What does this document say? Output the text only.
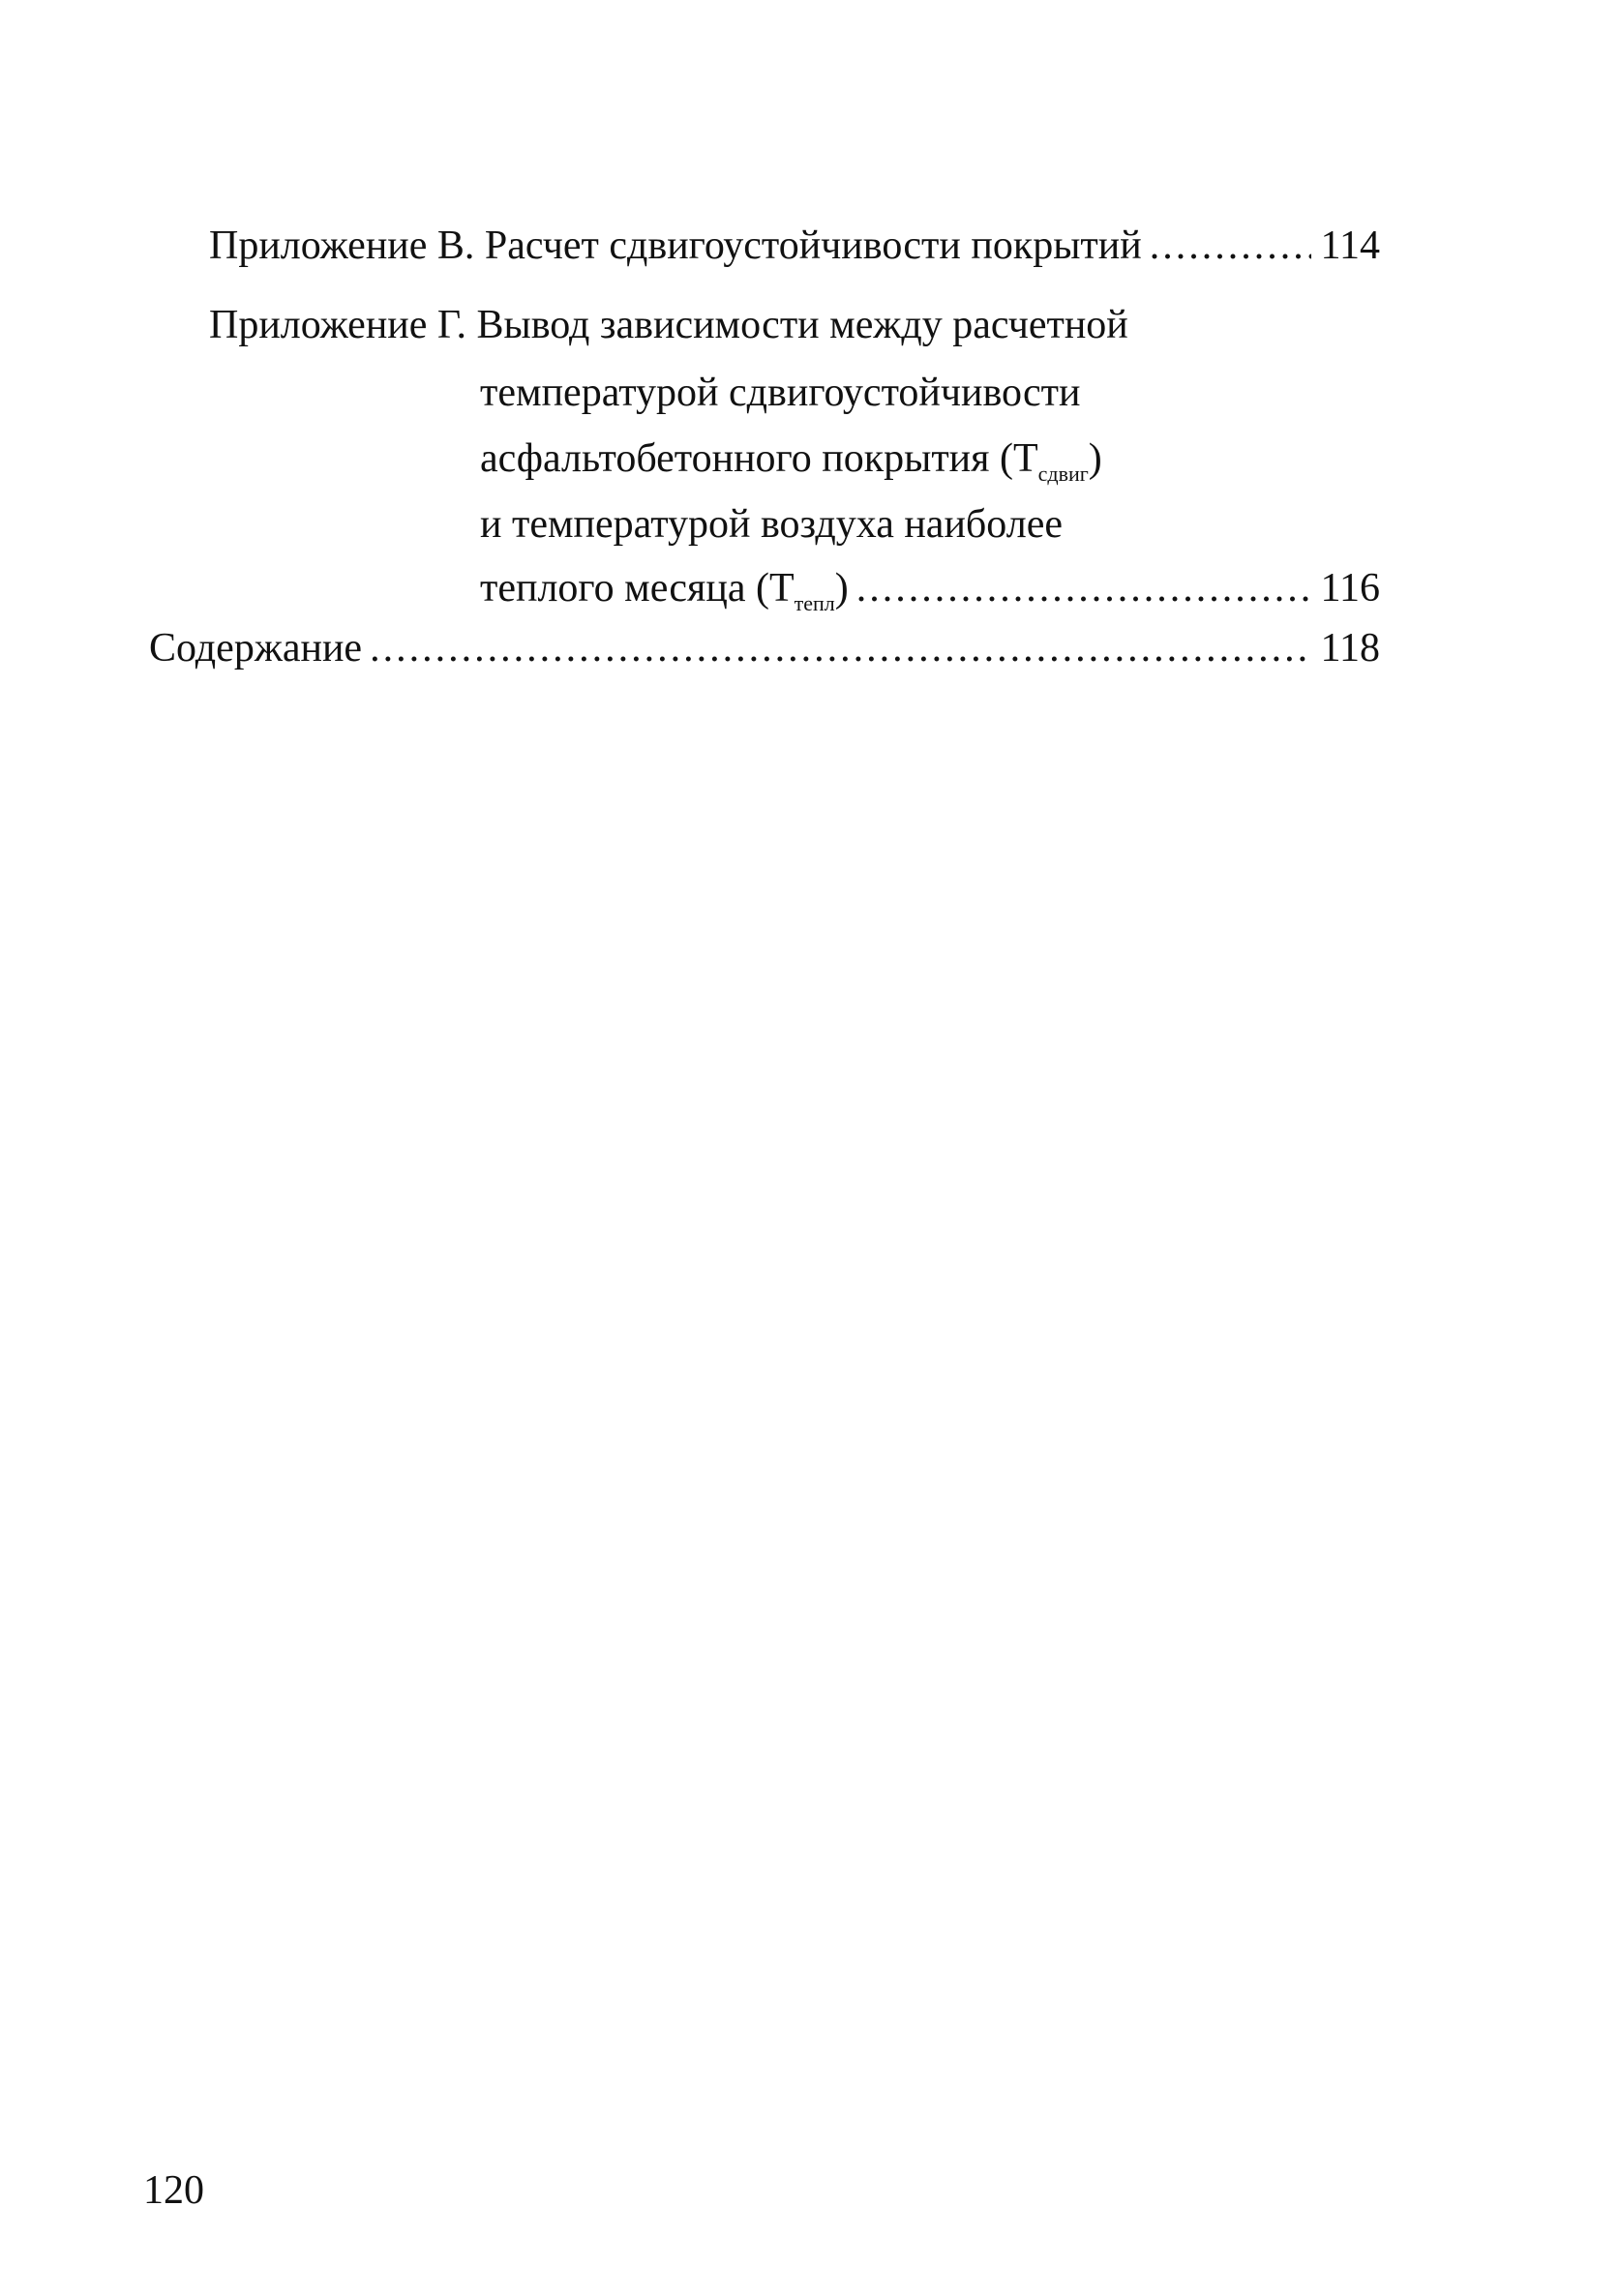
Приложение В. Расчет сдвигоустойчивости покрытий .....	114
Приложение Г. Вывод зависимости между расчетной
температурой сдвигоустойчивости
асфальтобетонного покрытия $(Т_{сдвиг})$
и температурой воздуха наиболее
теплого месяца $(Т_{тепл})$ .....	116
Содержание .....	118
120
